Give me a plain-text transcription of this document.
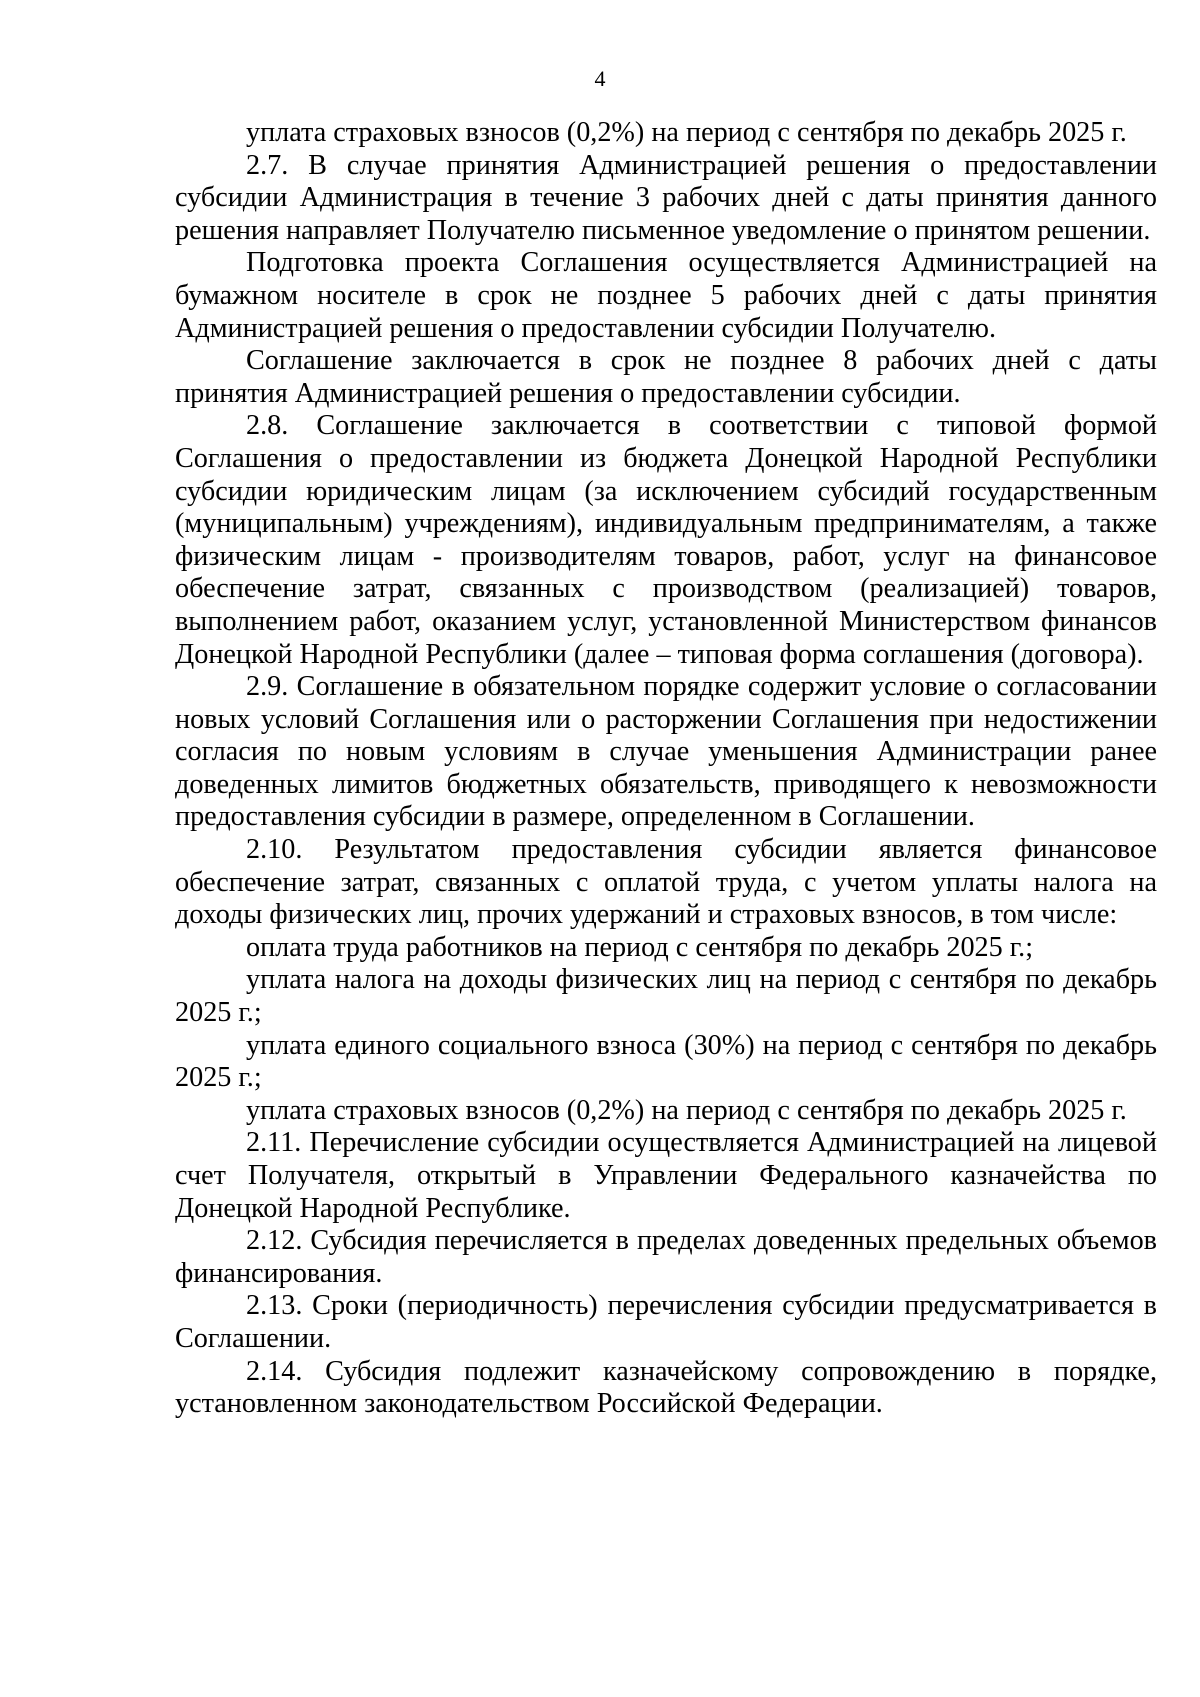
4

уплата страховых взносов (0,2%) на период с сентября по декабрь 2025 г.

2.7. В случае принятия Администрацией решения о предоставлении субсидии Администрация в течение 3 рабочих дней с даты принятия данного решения направляет Получателю письменное уведомление о принятом решении.

Подготовка проекта Соглашения осуществляется Администрацией на бумажном носителе в срок не позднее 5 рабочих дней с даты принятия Администрацией решения о предоставлении субсидии Получателю.

Соглашение заключается в срок не позднее 8 рабочих дней с даты принятия Администрацией решения о предоставлении субсидии.

2.8. Соглашение заключается в соответствии с типовой формой Соглашения о предоставлении из бюджета Донецкой Народной Республики субсидии юридическим лицам (за исключением субсидий государственным (муниципальным) учреждениям), индивидуальным предпринимателям, а также физическим лицам - производителям товаров, работ, услуг на финансовое обеспечение затрат, связанных с производством (реализацией) товаров, выполнением работ, оказанием услуг, установленной Министерством финансов Донецкой Народной Республики (далее – типовая форма соглашения (договора).

2.9. Соглашение в обязательном порядке содержит условие о согласовании новых условий Соглашения или о расторжении Соглашения при недостижении согласия по новым условиям в случае уменьшения Администрации ранее доведенных лимитов бюджетных обязательств, приводящего к невозможности предоставления субсидии в размере, определенном в Соглашении.

2.10. Результатом предоставления субсидии является финансовое обеспечение затрат, связанных с оплатой труда, с учетом уплаты налога на доходы физических лиц, прочих удержаний и страховых взносов, в том числе:

оплата труда работников на период с сентября по декабрь 2025 г.;

уплата налога на доходы физических лиц на период с сентября по декабрь 2025 г.;

уплата единого социального взноса (30%) на период с сентября по декабрь 2025 г.;

уплата страховых взносов (0,2%) на период с сентября по декабрь 2025 г.

2.11. Перечисление субсидии осуществляется Администрацией на лицевой счет Получателя, открытый в Управлении Федерального казначейства по Донецкой Народной Республике.

2.12. Субсидия перечисляется в пределах доведенных предельных объемов финансирования.

2.13. Сроки (периодичность) перечисления субсидии предусматривается в Соглашении.

2.14. Субсидия подлежит казначейскому сопровождению в порядке, установленном законодательством Российской Федерации.
